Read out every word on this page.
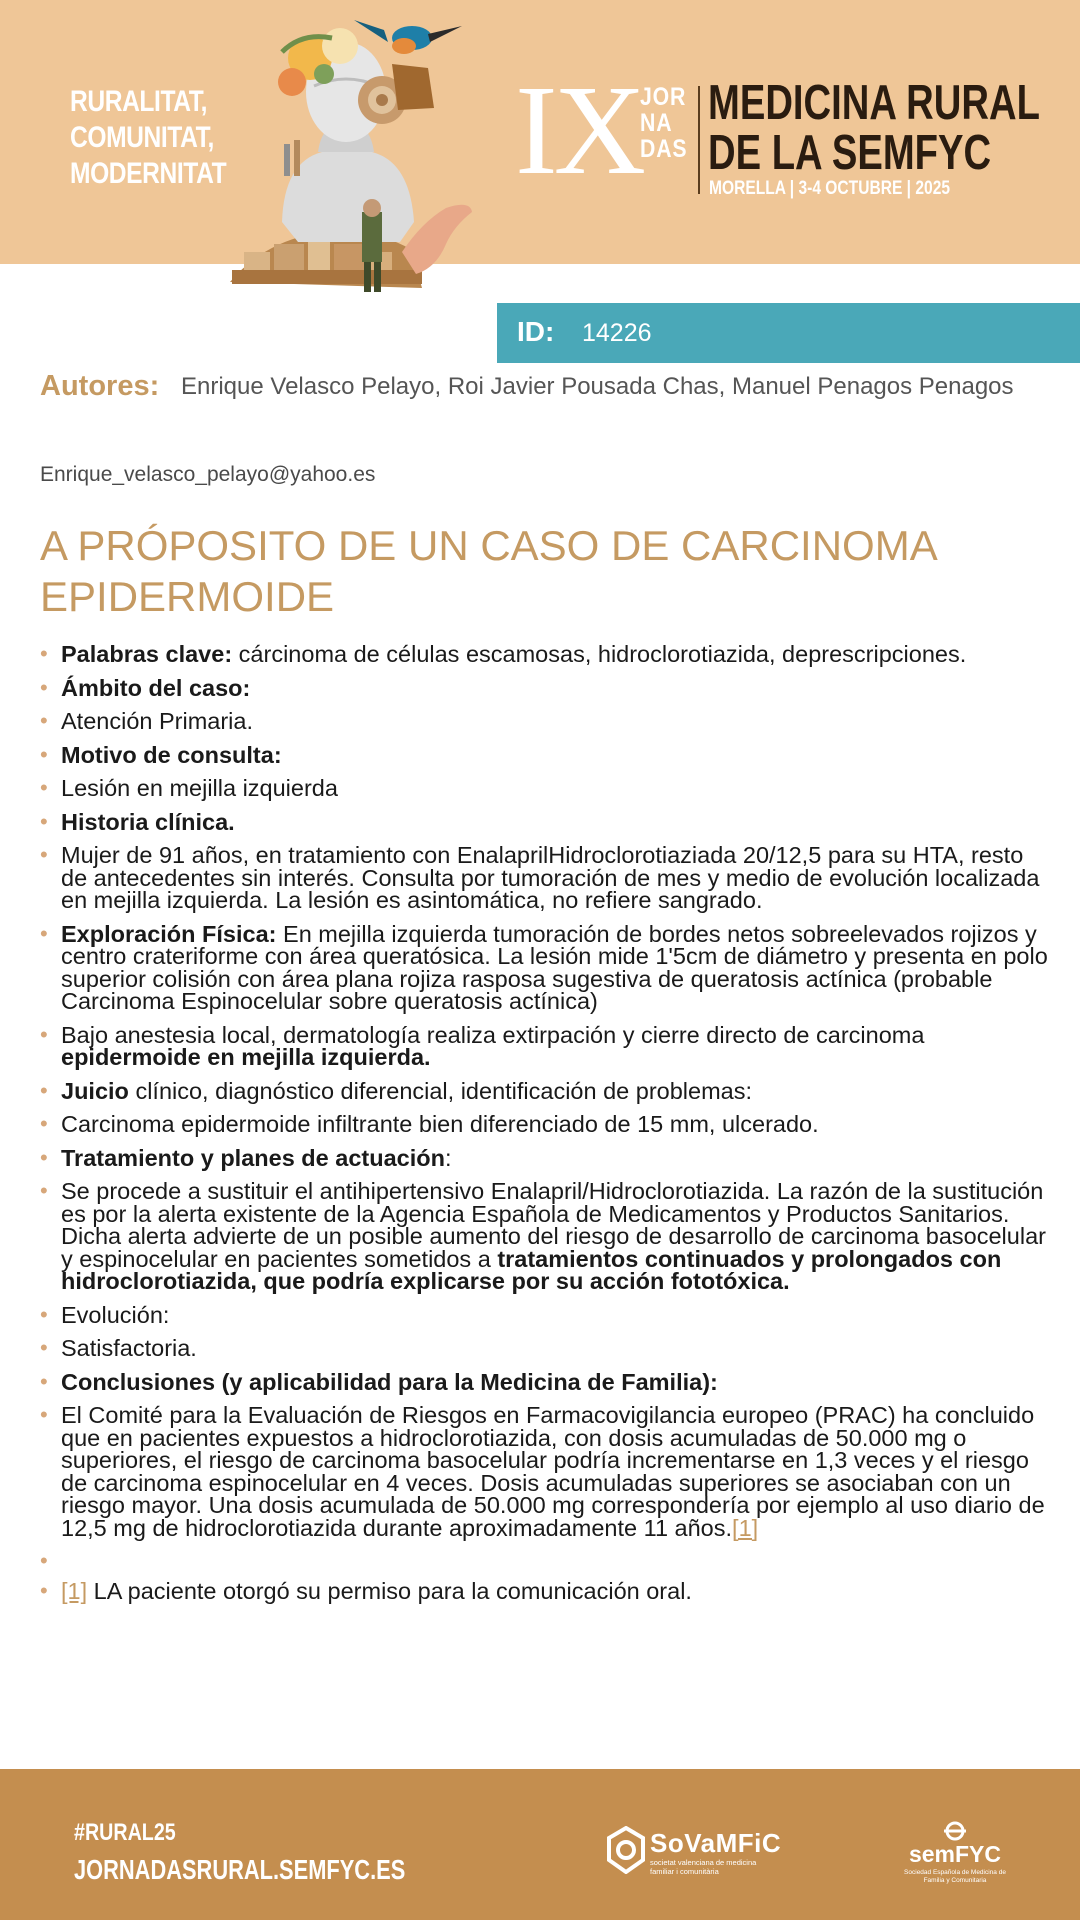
RURALITAT,
COMUNITAT,
MODERNITAT IX
JOR
NA
DAS
MEDICINA RURAL
DE LA SEMFYC
MORELLA | 3-4 OCTUBRE | 2025
ID: 14226
Autores: Enrique Velasco Pelayo, Roi Javier Pousada Chas, Manuel Penagos Penagos
Enrique_velasco_pelayo@yahoo.es
A PRÓPOSITO DE UN CASO DE CARCINOMA EPIDERMOIDE

• Palabras clave: cárcinoma de células escamosas, hidroclorotiazida, deprescripciones.

• Ámbito del caso:

• Atención Primaria.

• Motivo de consulta:

• Lesión en mejilla izquierda

• Historia clínica.

• Mujer de 91 años, en tratamiento con EnalaprilHidroclorotiaziada 20/12,5 para su HTA, resto de antecedentes sin interés. Consulta por tumoración de mes y medio de evolución localizada en mejilla izquierda. La lesión es asintomática, no refiere sangrado.

• Exploración Física: En mejilla izquierda tumoración de bordes netos sobreelevados rojizos y centro crateriforme con área queratósica. La lesión mide 1'5cm de diámetro y presenta en polo superior colisión con área plana rojiza rasposa sugestiva de queratosis actínica (probable Carcinoma Espinocelular sobre queratosis actínica)

• Bajo anestesia local, dermatología realiza extirpación y cierre directo de carcinoma epidermoide en mejilla izquierda.

• Juicio clínico, diagnóstico diferencial, identificación de problemas:

• Carcinoma epidermoide infiltrante bien diferenciado de 15 mm, ulcerado.

• Tratamiento y planes de actuación:

• Se procede a sustituir el antihipertensivo Enalapril/Hidroclorotiazida. La razón de la sustitución es por la alerta existente de la Agencia Española de Medicamentos y Productos Sanitarios. Dicha alerta advierte de un posible aumento del riesgo de desarrollo de carcinoma basocelular y espinocelular en pacientes sometidos a tratamientos continuados y prolongados con hidroclorotiazida, que podría explicarse por su acción fototóxica.

• Evolución:

• Satisfactoria.

• Conclusiones (y aplicabilidad para la Medicina de Familia):

• El Comité para la Evaluación de Riesgos en Farmacovigilancia europeo (PRAC) ha concluido que en pacientes expuestos a hidroclorotiazida, con dosis acumuladas de 50.000 mg o superiores, el riesgo de carcinoma basocelular podría incrementarse en 1,3 veces y el riesgo de carcinoma espinocelular en 4 veces. Dosis acumuladas superiores se asociaban con un riesgo mayor. Una dosis acumulada de 50.000 mg correspondería por ejemplo al uso diario de 12,5 mg de hidroclorotiazida durante aproximadamente 11 años.[1]

•

• [1] LA paciente otorgó su permiso para la comunicación oral.

#RURAL25
JORNADASRURAL.SEMFYC.ES
SoVaMFiC
societat valenciana de medicina familiar i comunitària
semFYC
Sociedad Española de Medicina de Familia y Comunitaria
